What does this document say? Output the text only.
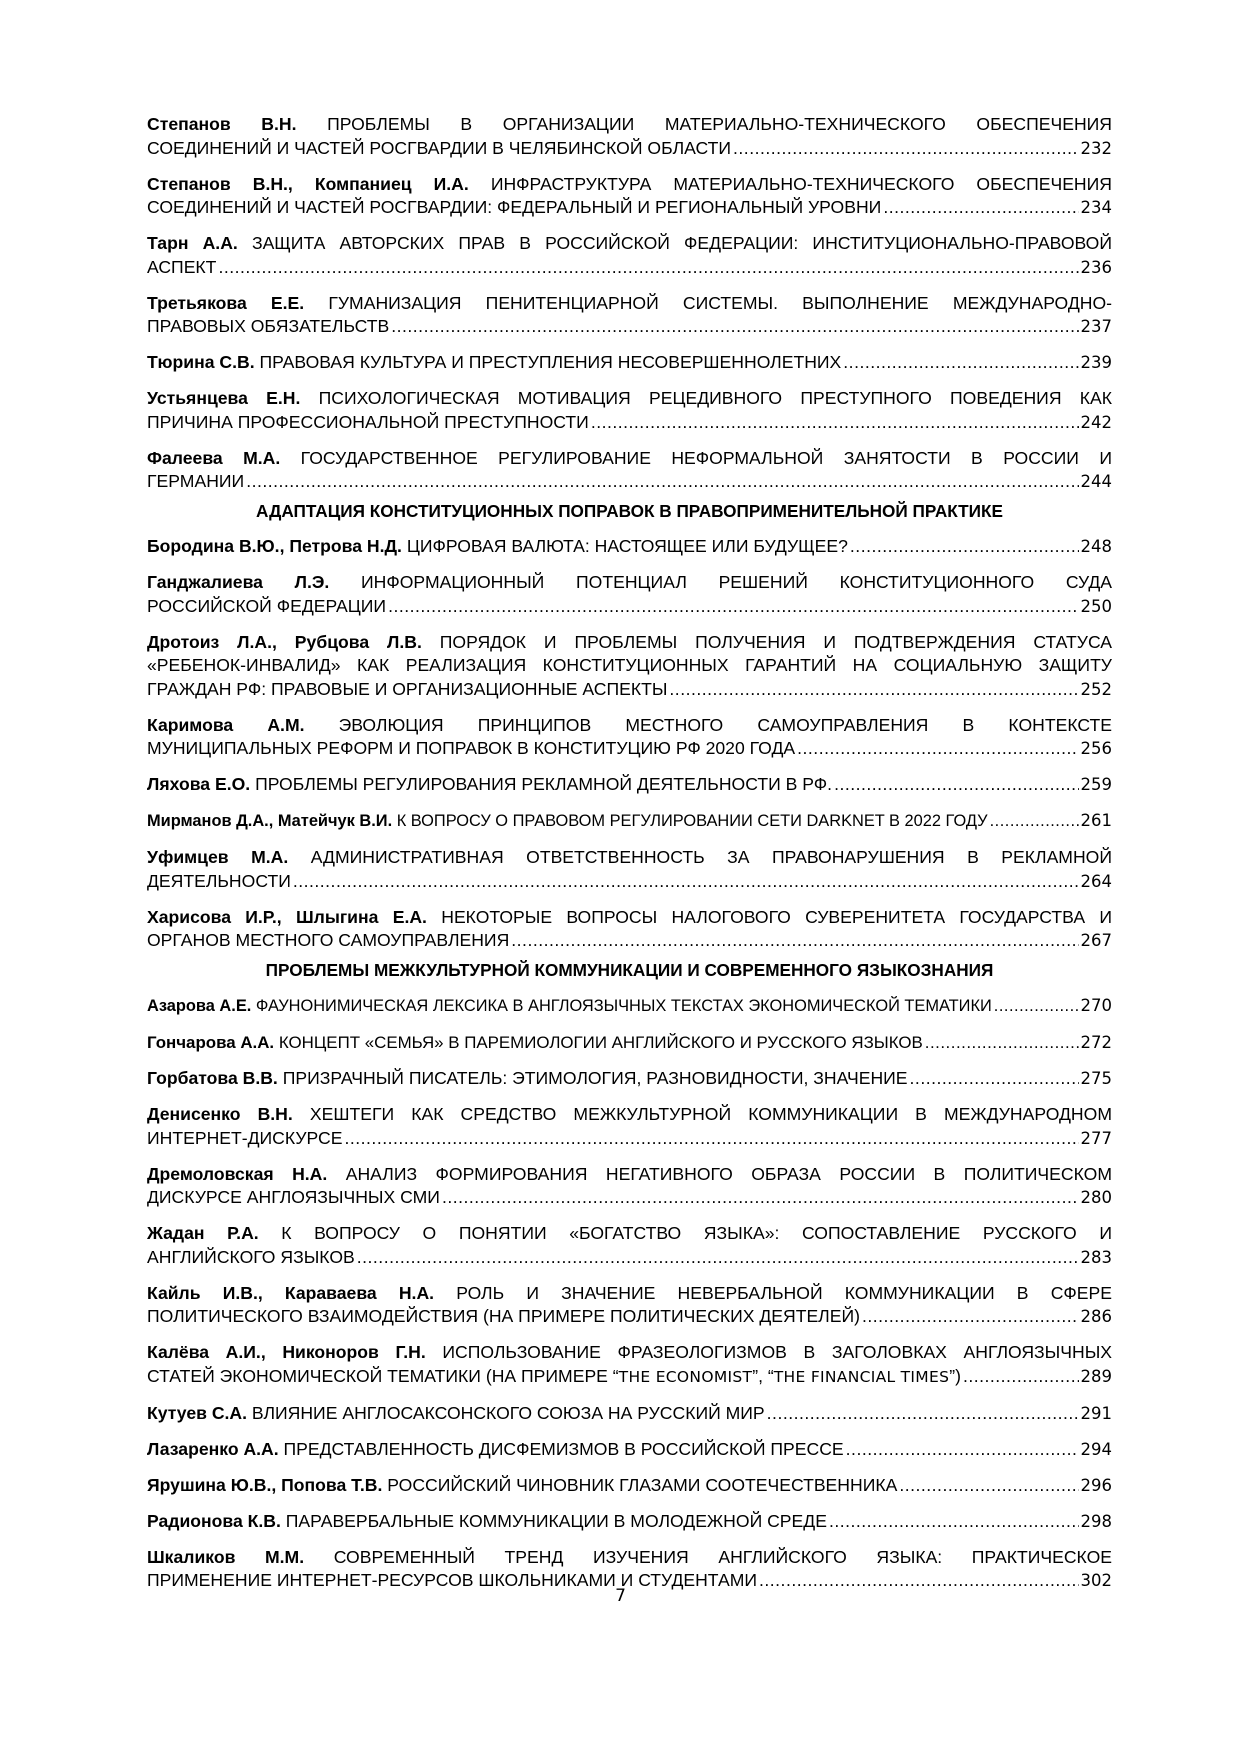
Степанов В.Н. ПРОБЛЕМЫ В ОРГАНИЗАЦИИ МАТЕРИАЛЬНО-ТЕХНИЧЕСКОГО ОБЕСПЕЧЕНИЯ
СОЕДИНЕНИЙ И ЧАСТЕЙ РОСГВАРДИИ В ЧЕЛЯБИНСКОЙ ОБЛАСТИ .....	232
Степанов В.Н., Компаниец И.А. ИНФРАСТРУКТУРА МАТЕРИАЛЬНО-ТЕХНИЧЕСКОГО ОБЕСПЕЧЕНИЯ
СОЕДИНЕНИЙ И ЧАСТЕЙ РОСГВАРДИИ: ФЕДЕРАЛЬНЫЙ И РЕГИОНАЛЬНЫЙ УРОВНИ .....	234
Тарн А.А. ЗАЩИТА АВТОРСКИХ ПРАВ В РОССИЙСКОЙ ФЕДЕРАЦИИ: ИНСТИТУЦИОНАЛЬНО-ПРАВОВОЙ
АСПЕКТ .....	236
Третьякова Е.Е. ГУМАНИЗАЦИЯ ПЕНИТЕНЦИАРНОЙ СИСТЕМЫ. ВЫПОЛНЕНИЕ МЕЖДУНАРОДНО-
ПРАВОВЫХ ОБЯЗАТЕЛЬСТВ .....	237
Тюрина С.В. ПРАВОВАЯ КУЛЬТУРА И ПРЕСТУПЛЕНИЯ НЕСОВЕРШЕННОЛЕТНИХ .....	239
Устьянцева Е.Н. ПСИХОЛОГИЧЕСКАЯ МОТИВАЦИЯ РЕЦЕДИВНОГО ПРЕСТУПНОГО ПОВЕДЕНИЯ КАК
ПРИЧИНА ПРОФЕССИОНАЛЬНОЙ ПРЕСТУПНОСТИ .....	242
Фалеева М.А. ГОСУДАРСТВЕННОЕ РЕГУЛИРОВАНИЕ НЕФОРМАЛЬНОЙ ЗАНЯТОСТИ В РОССИИ И
ГЕРМАНИИ .....	244
АДАПТАЦИЯ КОНСТИТУЦИОННЫХ ПОПРАВОК В ПРАВОПРИМЕНИТЕЛЬНОЙ ПРАКТИКЕ
Бородина В.Ю., Петрова Н.Д. ЦИФРОВАЯ ВАЛЮТА: НАСТОЯЩЕЕ ИЛИ БУДУЩЕЕ? .....	248
Ганджалиева Л.Э. ИНФОРМАЦИОННЫЙ ПОТЕНЦИАЛ РЕШЕНИЙ КОНСТИТУЦИОННОГО СУДА
РОССИЙСКОЙ ФЕДЕРАЦИИ .....	250
Дротоиз Л.А., Рубцова Л.В. ПОРЯДОК И ПРОБЛЕМЫ ПОЛУЧЕНИЯ И ПОДТВЕРЖДЕНИЯ СТАТУСА
«РЕБЕНОК-ИНВАЛИД» КАК РЕАЛИЗАЦИЯ КОНСТИТУЦИОННЫХ ГАРАНТИЙ НА СОЦИАЛЬНУЮ ЗАЩИТУ
ГРАЖДАН РФ: ПРАВОВЫЕ И ОРГАНИЗАЦИОННЫЕ АСПЕКТЫ .....	252
Каримова А.М. ЭВОЛЮЦИЯ ПРИНЦИПОВ МЕСТНОГО САМОУПРАВЛЕНИЯ В КОНТЕКСТЕ
МУНИЦИПАЛЬНЫХ РЕФОРМ И ПОПРАВОК В КОНСТИТУЦИЮ РФ 2020 ГОДА .....	256
Ляхова Е.О. ПРОБЛЕМЫ РЕГУЛИРОВАНИЯ РЕКЛАМНОЙ ДЕЯТЕЛЬНОСТИ В РФ. .....	259
Мирманов Д.А., Матейчук В.И. К ВОПРОСУ О ПРАВОВОМ РЕГУЛИРОВАНИИ СЕТИ DARKNET В 2022 ГОДУ .....	261
Уфимцев М.А. АДМИНИСТРАТИВНАЯ ОТВЕТСТВЕННОСТЬ ЗА ПРАВОНАРУШЕНИЯ В РЕКЛАМНОЙ
ДЕЯТЕЛЬНОСТИ .....	264
Харисова И.Р., Шлыгина Е.А. НЕКОТОРЫЕ ВОПРОСЫ НАЛОГОВОГО СУВЕРЕНИТЕТА ГОСУДАРСТВА И
ОРГАНОВ МЕСТНОГО САМОУПРАВЛЕНИЯ .....	267
ПРОБЛЕМЫ МЕЖКУЛЬТУРНОЙ КОММУНИКАЦИИ И СОВРЕМЕННОГО ЯЗЫКОЗНАНИЯ
Азарова А.Е. ФАУНОНИМИЧЕСКАЯ ЛЕКСИКА В АНГЛОЯЗЫЧНЫХ ТЕКСТАХ ЭКОНОМИЧЕСКОЙ ТЕМАТИКИ .....	270
Гончарова А.А. КОНЦЕПТ «СЕМЬЯ» В ПАРЕМИОЛОГИИ АНГЛИЙСКОГО И РУССКОГО ЯЗЫКОВ .....	272
Горбатова В.В. ПРИЗРАЧНЫЙ ПИСАТЕЛЬ: ЭТИМОЛОГИЯ, РАЗНОВИДНОСТИ, ЗНАЧЕНИЕ .....	275
Денисенко В.Н. ХЕШТЕГИ КАК СРЕДСТВО МЕЖКУЛЬТУРНОЙ КОММУНИКАЦИИ В МЕЖДУНАРОДНОМ
ИНТЕРНЕТ-ДИСКУРСЕ .....	277
Дремоловская Н.А. АНАЛИЗ ФОРМИРОВАНИЯ НЕГАТИВНОГО ОБРАЗА РОССИИ В ПОЛИТИЧЕСКОМ
ДИСКУРСЕ АНГЛОЯЗЫЧНЫХ СМИ .....	280
Жадан Р.А. К ВОПРОСУ О ПОНЯТИИ «БОГАТСТВО ЯЗЫКА»: СОПОСТАВЛЕНИЕ РУССКОГО И
АНГЛИЙСКОГО ЯЗЫКОВ .....	283
Кайль И.В., Караваева Н.А. РОЛЬ И ЗНАЧЕНИЕ НЕВЕРБАЛЬНОЙ КОММУНИКАЦИИ В СФЕРЕ
ПОЛИТИЧЕСКОГО ВЗАИМОДЕЙСТВИЯ (НА ПРИМЕРЕ ПОЛИТИЧЕСКИХ ДЕЯТЕЛЕЙ) .....	286
Калёва А.И., Никоноров Г.Н. ИСПОЛЬЗОВАНИЕ ФРАЗЕОЛОГИЗМОВ В ЗАГОЛОВКАХ АНГЛОЯЗЫЧНЫХ
СТАТЕЙ ЭКОНОМИЧЕСКОЙ ТЕМАТИКИ (НА ПРИМЕРЕ “THE ECONOMIST”, “THE FINANCIAL TIMES”) .....	289
Кутуев С.А. ВЛИЯНИЕ АНГЛОСАКСОНСКОГО СОЮЗА НА РУССКИЙ МИР .....	291
Лазаренко А.А. ПРЕДСТАВЛЕННОСТЬ ДИСФЕМИЗМОВ В РОССИЙСКОЙ ПРЕССЕ .....	294
Ярушина Ю.В., Попова Т.В. РОССИЙСКИЙ ЧИНОВНИК ГЛАЗАМИ СООТЕЧЕСТВЕННИКА .....	296
Радионова К.В. ПАРАВЕРБАЛЬНЫЕ КОММУНИКАЦИИ В МОЛОДЕЖНОЙ СРЕДЕ .....	298
Шкаликов М.М. СОВРЕМЕННЫЙ ТРЕНД ИЗУЧЕНИЯ АНГЛИЙСКОГО ЯЗЫКА: ПРАКТИЧЕСКОЕ
ПРИМЕНЕНИЕ ИНТЕРНЕТ-РЕСУРСОВ ШКОЛЬНИКАМИ И СТУДЕНТАМИ .....	302
7
